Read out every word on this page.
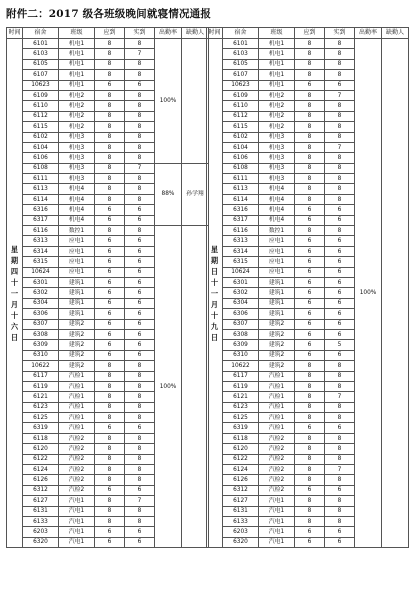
附件二：2017 级各班级晚间就寝情况通报
时间	宿舍	班级	应到	实到	出勤率	缺勤人
星 期 四 十 一 月 十 六 日	6101	机电1	8	8	100%	
	6103	机电1	8	7		
	6105	机电1	8	8		
	6107	机电1	8	8		
	10623	机电1	6	6		
	6109	机电2	8	8		
	6110	机电2	8	8		
	6112	机电2	8	8		
	6115	机电2	8	8		
	6102	机电3	8	8		
	6104	机电3	8	8		
	6106	机电3	8	8		
	6108	机电3	8	7	88%	孙学翔
	6111	机电3	8	8		
	6113	机电4	8	8		
	6114	机电4	8	8		
	6316	机电4	6	6		
	6317	机电4	6	6		
	6116	数控1	8	8	100%	
	6313	应电1	6	6		
	6314	应电1	6	6		
	6315	应电1	6	6		
	10624	应电1	6	6		
	6301	建筑1	6	6		
	6302	建筑1	6	6		
	6304	建筑1	6	6		
	6306	建筑1	6	6		
	6307	建筑2	6	6		
	6308	建筑2	6	6		
	6309	建筑2	6	6		
	6310	建筑2	6	6		
	10622	建筑2	8	8		
	6117	汽检1	8	8		
	6119	汽检1	8	8		
	6121	汽检1	8	8		
	6123	汽检1	8	8		
	6125	汽检1	8	8		
	6319	汽检1	6	6		
	6118	汽检2	8	8		
	6120	汽检2	8	8		
	6122	汽检2	8	8		
	6124	汽检2	8	8		
	6126	汽检2	8	8		
	6312	汽检2	6	6		
	6127	汽电1	8	7		
	6131	汽电1	8	8		
	6133	汽电1	8	8		
	6203	汽电1	6	6		
	6320	汽电1	6	6		
时间	宿舍	班级	应到	实到	出勤率	缺勤人
星 期 日 十 一 月 十 九 日	6101	机电1	8	8	100%	
	6103	机电1	8	8		
	6105	机电1	8	8		
	6107	机电1	8	8		
	10623	机电1	6	6		
	6109	机电2	8	7		
	6110	机电2	8	8		
	6112	机电2	8	8		
	6115	机电2	8	8		
	6102	机电3	8	8		
	6104	机电3	8	7		
	6106	机电3	8	8		
	6108	机电3	8	8		
	6111	机电3	8	8		
	6113	机电4	8	8		
	6114	机电4	8	8		
	6316	机电4	6	6		
	6317	机电4	6	6		
	6116	数控1	8	8		
	6313	应电1	6	6		
	6314	应电1	6	6		
	6315	应电1	6	6		
	10624	应电1	6	6		
	6301	建筑1	6	6		
	6302	建筑1	6	6		
	6304	建筑1	6	6		
	6306	建筑1	6	6		
	6307	建筑2	6	6		
	6308	建筑2	6	6		
	6309	建筑2	6	5		
	6310	建筑2	6	6		
	10622	建筑2	8	8		
	6117	汽检1	8	8		
	6119	汽检1	8	8		
	6121	汽检1	8	7		
	6123	汽检1	8	8		
	6125	汽检1	8	8		
	6319	汽检1	6	6		
	6118	汽检2	8	8		
	6120	汽检2	8	8		
	6122	汽检2	8	8		
	6124	汽检2	8	7		
	6126	汽检2	8	8		
	6312	汽检2	6	6		
	6127	汽电1	8	8		
	6131	汽电1	8	8		
	6133	汽电1	8	8		
	6203	汽电1	6	6		
	6320	汽电1	6	6		
